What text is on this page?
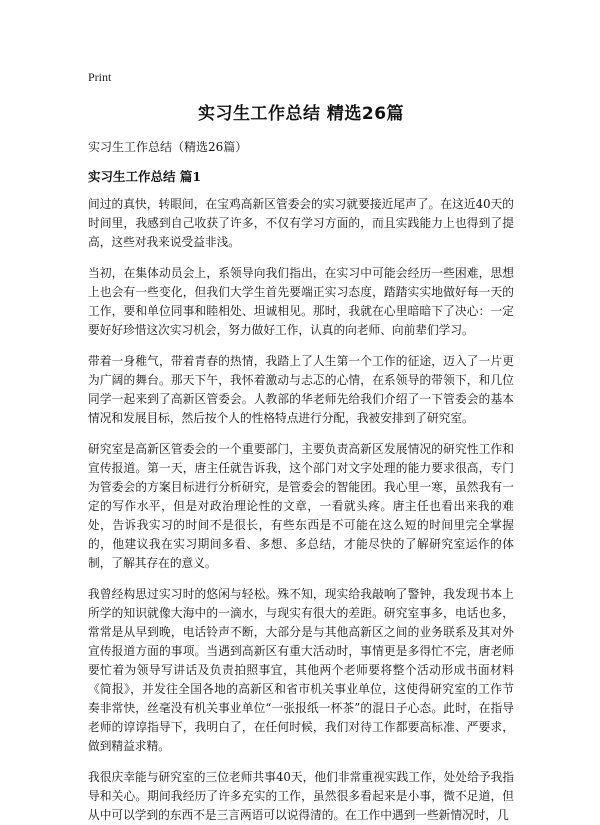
Print
实习生工作总结 精选26篇
实习生工作总结（精选26篇）
实习生工作总结 篇1

间过的真快，转眼间，在宝鸡高新区管委会的实习就要接近尾声了。在这近40天的时间里，我感到自己收获了许多，不仅有学习方面的，而且实践能力上也得到了提高，这些对我来说受益非浅。

当初，在集体动员会上，系领导向我们指出，在实习中可能会经历一些困难，思想上也会有一些变化，但我们大学生首先要端正实习态度，踏踏实实地做好每一天的工作，要和单位同事和睦相处、坦诚相见。那时，我就在心里暗暗下了决心：一定要好好珍惜这次实习机会，努力做好工作，认真的向老师、向前辈们学习。

带着一身稚气，带着青春的热情，我踏上了人生第一个工作的征途，迈入了一片更为广阔的舞台。那天下午，我怀着激动与忐忑的心情，在系领导的带领下，和几位同学一起来到了高新区管委会。人教部的华老师先给我们介绍了一下管委会的基本情况和发展目标，然后按个人的性格特点进行分配，我被安排到了研究室。

研究室是高新区管委会的一个重要部门，主要负责高新区发展情况的研究性工作和宣传报道。第一天，唐主任就告诉我，这个部门对文字处理的能力要求很高，专门为管委会的方案目标进行分析研究，是管委会的智能团。我心里一寒，虽然我有一定的写作水平，但是对政治理论性的文章，一看就头疼。唐主任也看出来我的难处，告诉我实习的时间不是很长，有些东西是不可能在这么短的时间里完全掌握的，他建议我在实习期间多看、多想、多总结，才能尽快的了解研究室运作的体制，了解其存在的意义。

我曾经构思过实习时的悠闲与轻松。殊不知，现实给我敲响了警钟，我发现书本上所学的知识就像大海中的一滴水，与现实有很大的差距。研究室事多，电话也多，常常是从早到晚，电话铃声不断，大部分是与其他高新区之间的业务联系及其对外宣传报道方面的事项。当遇到高新区有重大活动时，事情更是多得忙不完，唐老师要忙着为领导写讲话及负责拍照事宜，其他两个老师要将整个活动形成书面材料《简报》，并发往全国各地的高新区和省市机关事业单位，这使得研究室的工作节奏非常快，丝毫没有机关事业单位“一张报纸一杯茶”的混日子心态。此时，在指导老师的谆谆指导下，我明白了，在任何时候，我们对待工作都要高标准、严要求，做到精益求精。

我很庆幸能与研究室的三位老师共事40天，他们非常重视实践工作，处处给予我指导和关心。期间我经历了许多充实的工作，虽然很多看起来是小事，微不足道，但从中可以学到的东西不是三言两语可以说得清的。在工作中遇到一些新情况时，几
